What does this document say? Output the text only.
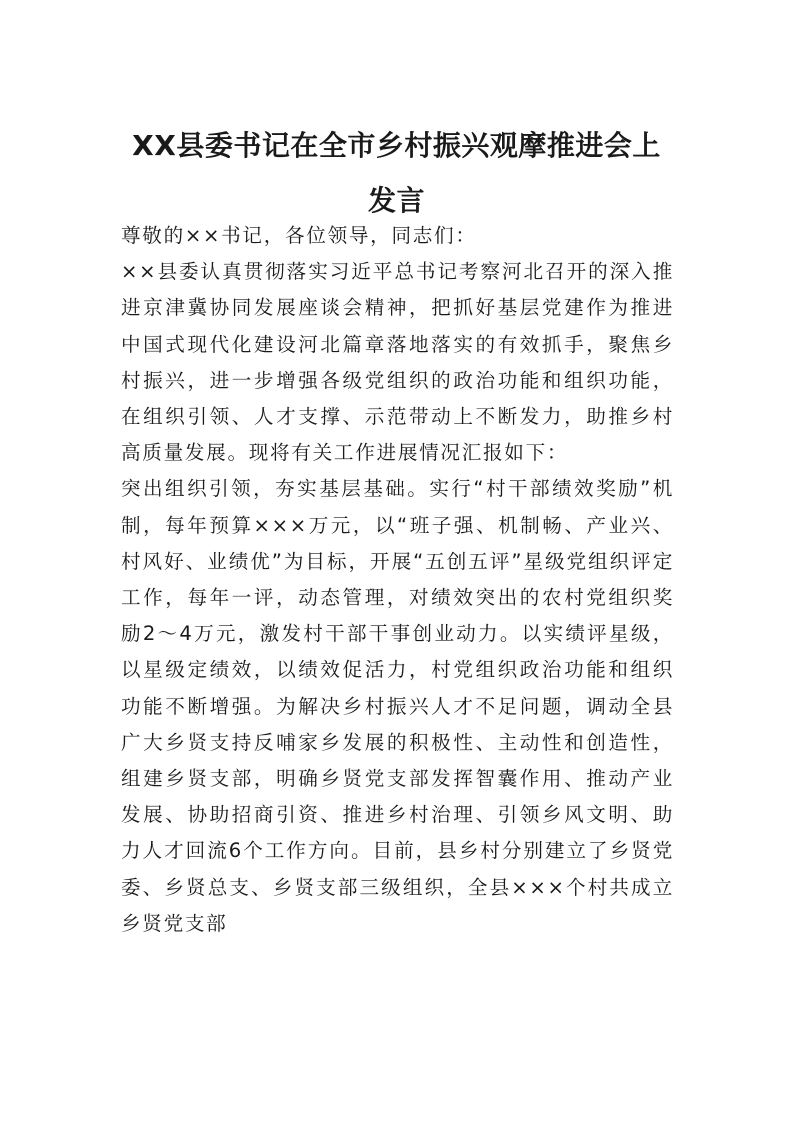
XX县委书记在全市乡村振兴观摩推进会上
发言

尊敬的××书记，各位领导，同志们：

××县委认真贯彻落实习近平总书记考察河北召开的深入推进京津冀协同发展座谈会精神，把抓好基层党建作为推进中国式现代化建设河北篇章落地落实的有效抓手，聚焦乡村振兴，进一步增强各级党组织的政治功能和组织功能，在组织引领、人才支撑、示范带动上不断发力，助推乡村高质量发展。现将有关工作进展情况汇报如下：

突出组织引领，夯实基层基础。实行“村干部绩效奖励”机制，每年预算×××万元，以“班子强、机制畅、产业兴、村风好、业绩优”为目标，开展“五创五评”星级党组织评定工作，每年一评，动态管理，对绩效突出的农村党组织奖励2～4万元，激发村干部干事创业动力。以实绩评星级，以星级定绩效，以绩效促活力，村党组织政治功能和组织功能不断增强。为解决乡村振兴人才不足问题，调动全县广大乡贤支持反哺家乡发展的积极性、主动性和创造性，组建乡贤支部，明确乡贤党支部发挥智囊作用、推动产业发展、协助招商引资、推进乡村治理、引领乡风文明、助力人才回流6个工作方向。目前，县乡村分别建立了乡贤党委、乡贤总支、乡贤支部三级组织，全县×××个村共成立乡贤党支部
